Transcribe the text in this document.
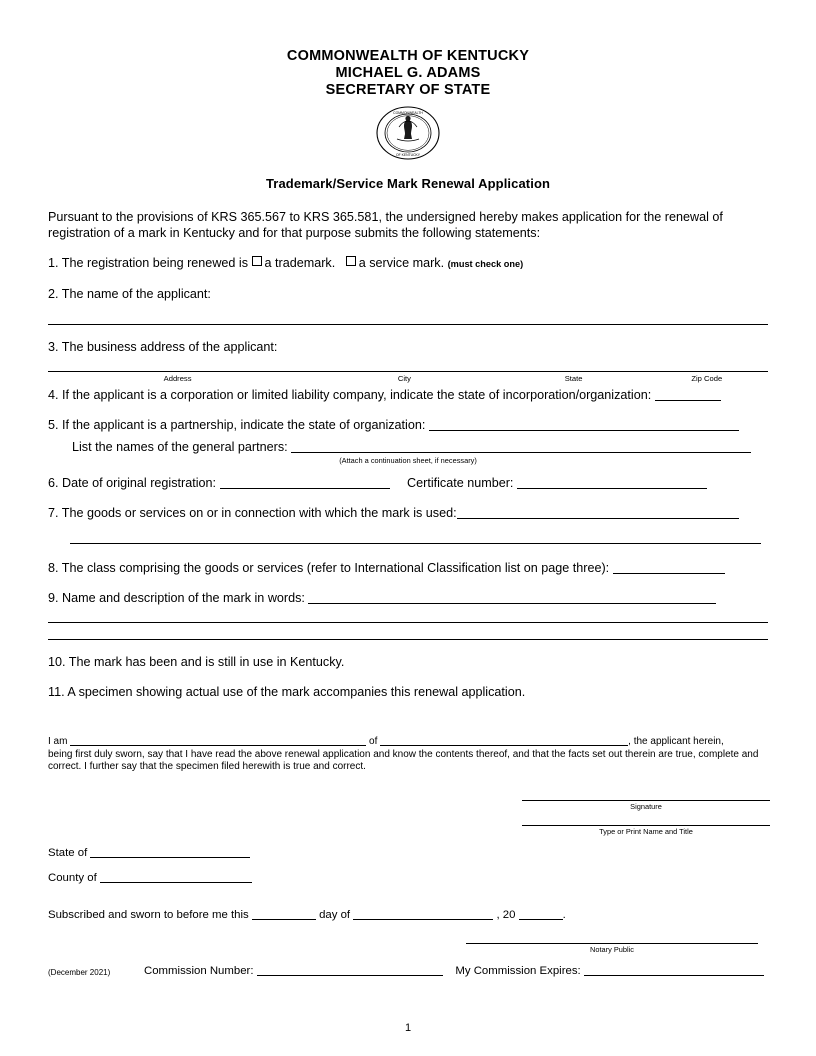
COMMONWEALTH OF KENTUCKY
MICHAEL G. ADAMS
SECRETARY OF STATE
COMMONWEALTH
OF KENTUCKY
Trademark/Service Mark Renewal Application
Pursuant to the provisions of KRS 365.567 to KRS 365.581, the undersigned hereby makes application for the renewal of registration of a mark in Kentucky and for that purpose submits the following statements:
1. The registration being renewed is a trademark. a service mark. (must check one)
2. The name of the applicant:
3. The business address of the applicant:
Address	City	State	Zip Code
4. If the applicant is a corporation or limited liability company, indicate the state of incorporation/organization:
5. If the applicant is a partnership, indicate the state of organization:
List the names of the general partners:
(Attach a continuation sheet, if necessary)
6. Date of original registration:	Certificate number:
7. The goods or services on or in connection with which the mark is used:
8. The class comprising the goods or services (refer to International Classification list on page three):
9. Name and description of the mark in words:
10. The mark has been and is still in use in Kentucky.
11. A specimen showing actual use of the mark accompanies this renewal application.
I am	of	, the applicant herein,
being first duly sworn, say that I have read the above renewal application and know the contents thereof, and that the facts set out therein are true, complete and correct. I further say that the specimen filed herewith is true and correct.
Signature
Type or Print Name and Title
State of
County of
Subscribed and sworn to before me this	day of	, 20	.
Notary Public
Commission Number:	My Commission Expires:
(December 2021)
1
